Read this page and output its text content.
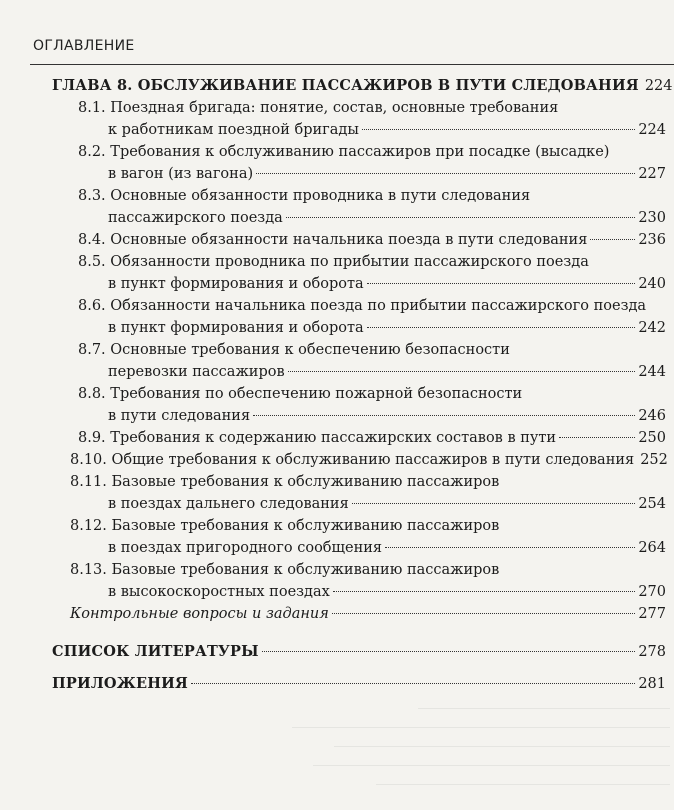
ОГЛАВЛЕНИЕ
ГЛАВА 8. ОБСЛУЖИВАНИЕ ПАССАЖИРОВ В ПУТИ СЛЕДОВАНИЯ 224
8.1. Поездная бригада: понятие, состав, основные требования
к работникам поездной бригады	224
8.2. Требования к обслуживанию пассажиров при посадке (высадке)
в вагон (из вагона)	227
8.3. Основные обязанности проводника в пути следования
пассажирского поезда	230
8.4. Основные обязанности начальника поезда в пути следования	236
8.5. Обязанности проводника по прибытии пассажирского поезда
в пункт формирования и оборота	240
8.6. Обязанности начальника поезда по прибытии пассажирского поезда
в пункт формирования и оборота	242
8.7. Основные требования к обеспечению безопасности
перевозки пассажиров	244
8.8. Требования по обеспечению пожарной безопасности
в пути следования	246
8.9. Требования к содержанию пассажирских составов в пути	250
8.10. Общие требования к обслуживанию пассажиров в пути следования 252
8.11. Базовые требования к обслуживанию пассажиров
в поездах дальнего следования	254
8.12. Базовые требования к обслуживанию пассажиров
в поездах пригородного сообщения	264
8.13. Базовые требования к обслуживанию пассажиров
в высокоскоростных поездах	270
Контрольные вопросы и задания	277
СПИСОК ЛИТЕРАТУРЫ	278
ПРИЛОЖЕНИЯ	281
